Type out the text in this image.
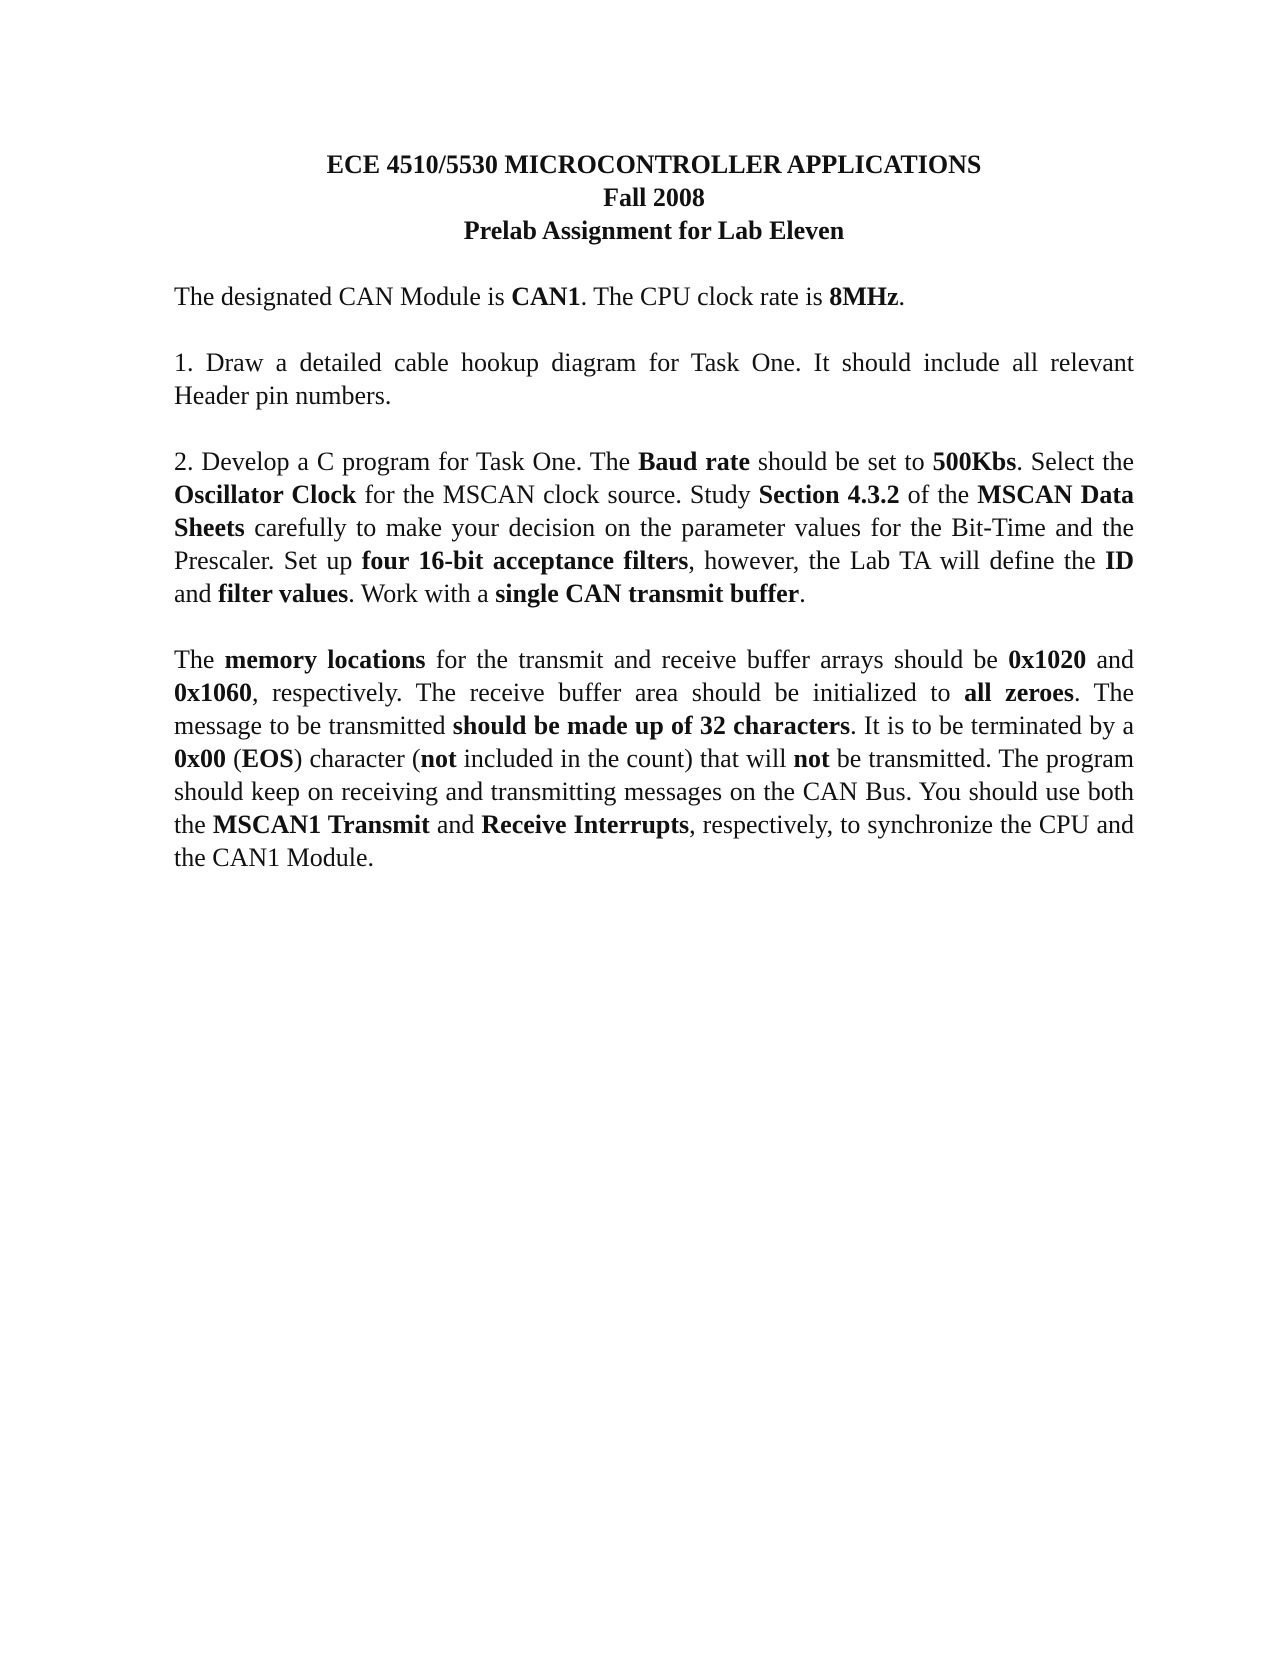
ECE 4510/5530 MICROCONTROLLER APPLICATIONS
Fall 2008
Prelab Assignment for Lab Eleven

The designated CAN Module is CAN1. The CPU clock rate is 8MHz.

1. Draw a detailed cable hookup diagram for Task One. It should include all relevant Header pin numbers.

2. Develop a C program for Task One. The Baud rate should be set to 500Kbs. Select the Oscillator Clock for the MSCAN clock source. Study Section 4.3.2 of the MSCAN Data Sheets carefully to make your decision on the parameter values for the Bit-Time and the Prescaler. Set up four 16-bit acceptance filters, however, the Lab TA will define the ID and filter values. Work with a single CAN transmit buffer.

The memory locations for the transmit and receive buffer arrays should be 0x1020 and 0x1060, respectively. The receive buffer area should be initialized to all zeroes. The message to be transmitted should be made up of 32 characters. It is to be terminated by a 0x00 (EOS) character (not included in the count) that will not be transmitted. The program should keep on receiving and transmitting messages on the CAN Bus. You should use both the MSCAN1 Transmit and Receive Interrupts, respectively, to synchronize the CPU and the CAN1 Module.
